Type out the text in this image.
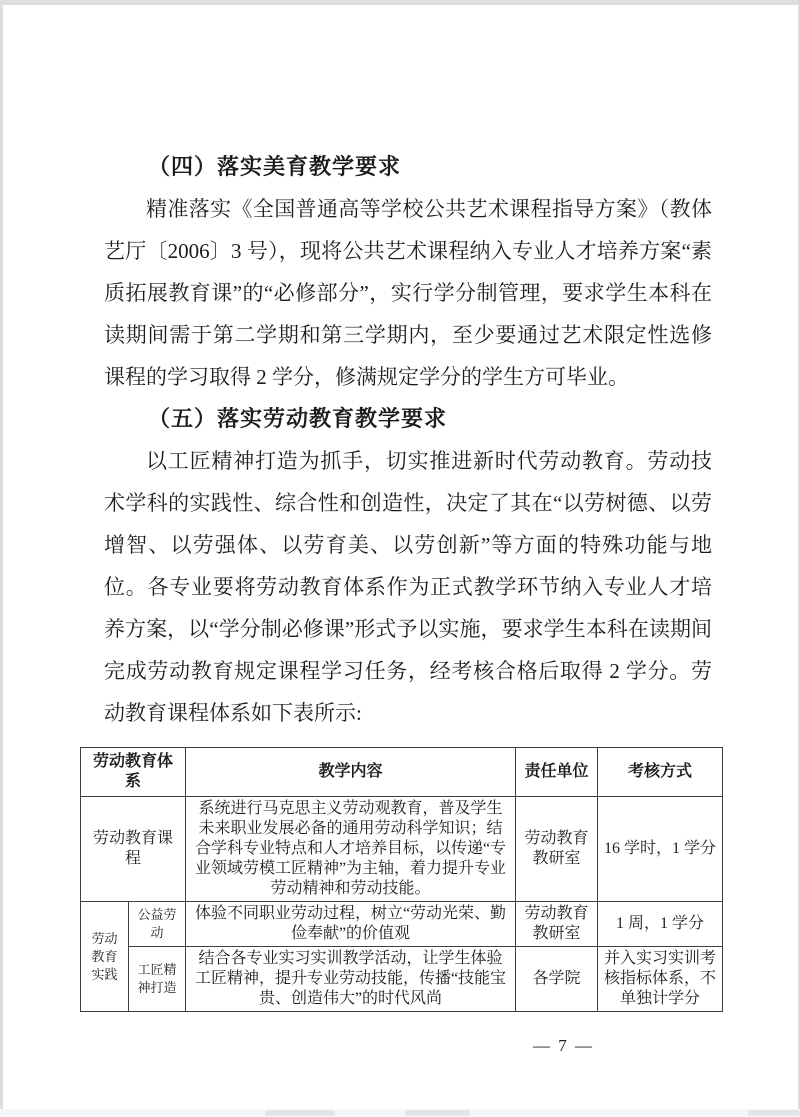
（四）落实美育教学要求

精准落实《全国普通高等学校公共艺术课程指导方案》（教体艺厅〔2006〕3 号），现将公共艺术课程纳入专业人才培养方案“素质拓展教育课”的“必修部分”，实行学分制管理，要求学生本科在读期间需于第二学期和第三学期内，至少要通过艺术限定性选修课程的学习取得 2 学分，修满规定学分的学生方可毕业。

（五）落实劳动教育教学要求

以工匠精神打造为抓手，切实推进新时代劳动教育。劳动技术学科的实践性、综合性和创造性，决定了其在“以劳树德、以劳增智、以劳强体、以劳育美、以劳创新”等方面的特殊功能与地位。各专业要将劳动教育体系作为正式教学环节纳入专业人才培养方案，以“学分制必修课”形式予以实施，要求学生本科在读期间完成劳动教育规定课程学习任务，经考核合格后取得 2 学分。劳动教育课程体系如下表所示:

劳动教育体系		教学内容	责任单位	考核方式
劳动教育课程		系统进行马克思主义劳动观教育，普及学生未来职业发展必备的通用劳动科学知识；结合学科专业特点和人才培养目标，以传递“专业领域劳模工匠精神”为主轴，着力提升专业劳动精神和劳动技能。	劳动教育教研室	16 学时，1 学分
劳动教育实践	公益劳动	体验不同职业劳动过程，树立“劳动光荣、勤俭奉献”的价值观	劳动教育教研室	1 周，1 学分
	工匠精神打造	结合各专业实习实训教学活动，让学生体验工匠精神，提升专业劳动技能，传播“技能宝贵、创造伟大”的时代风尚	各学院	并入实习实训考核指标体系，不单独计学分
— 7 —
